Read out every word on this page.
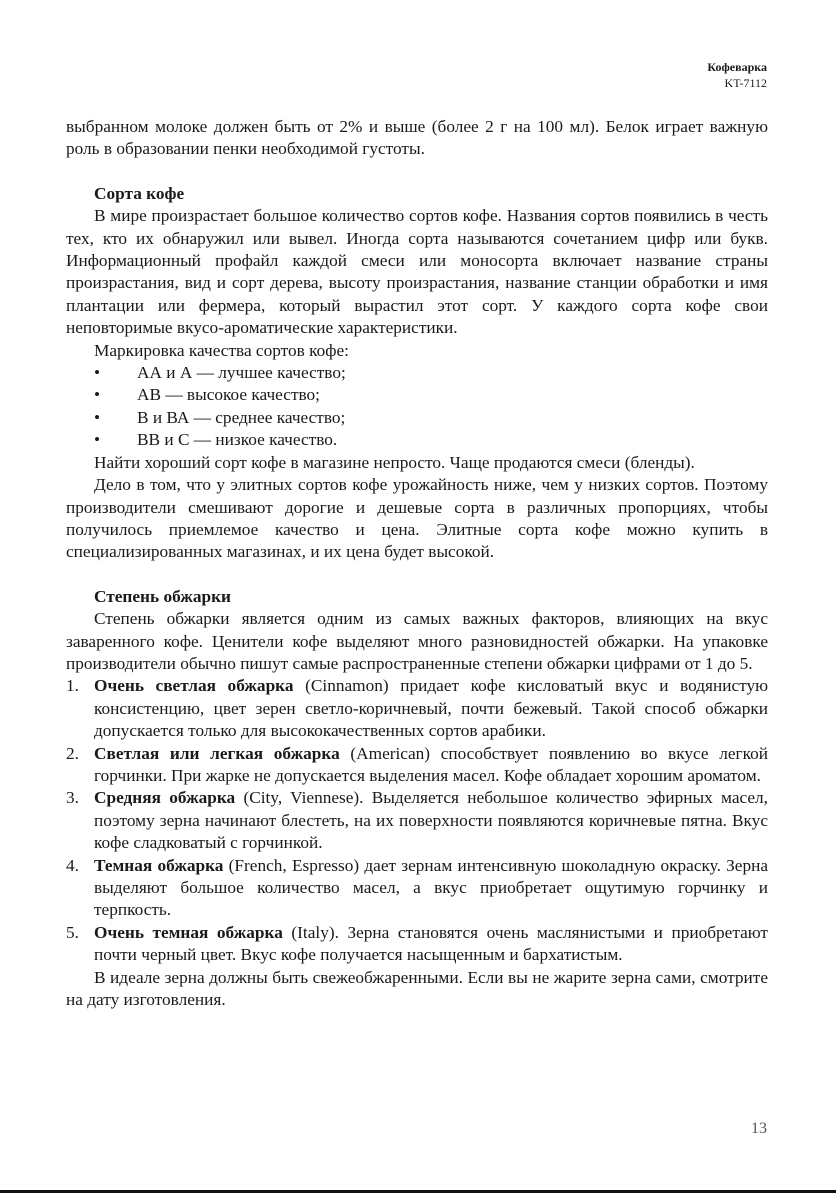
Кофеварка
KT-7112

выбранном молоке должен быть от 2% и выше (более 2 г на 100 мл). Белок играет важную роль в образовании пенки необходимой густоты.

Сорта кофе

В мире произрастает большое количество сортов кофе. Названия сортов появились в честь тех, кто их обнаружил или вывел. Иногда сорта называются сочетанием цифр или букв. Информационный профайл каждой смеси или моносорта включает название страны произрастания, вид и сорт дерева, высоту произрастания, название станции обработки и имя плантации или фермера, который вырастил этот сорт. У каждого сорта кофе свои неповторимые вкусо-ароматические характеристики.

Маркировка качества сортов кофе:

• АА и А — лучшее качество;
• АВ — высокое качество;
• В и ВА — среднее качество;
• ВВ и С — низкое качество.

Найти хороший сорт кофе в магазине непросто. Чаще продаются смеси (бленды).

Дело в том, что у элитных сортов кофе урожайность ниже, чем у низких сортов. Поэтому производители смешивают дорогие и дешевые сорта в различных пропорциях, чтобы получилось приемлемое качество и цена. Элитные сорта кофе можно купить в специализированных магазинах, и их цена будет высокой.

Степень обжарки

Степень обжарки является одним из самых важных факторов, влияющих на вкус заваренного кофе. Ценители кофе выделяют много разновидностей обжарки. На упаковке производители обычно пишут самые распространенные степени обжарки цифрами от 1 до 5.

1. Очень светлая обжарка (Cinnamon) придает кофе кисловатый вкус и водянистую консистенцию, цвет зерен светло-коричневый, почти бежевый. Такой способ обжарки допускается только для высококачественных сортов арабики.
2. Светлая или легкая обжарка (American) способствует появлению во вкусе легкой горчинки. При жарке не допускается выделения масел. Кофе обладает хорошим ароматом.
3. Средняя обжарка (City, Viennese). Выделяется небольшое количество эфирных масел, поэтому зерна начинают блестеть, на их поверхности появляются коричневые пятна. Вкус кофе сладковатый с горчинкой.
4. Темная обжарка (French, Espresso) дает зернам интенсивную шоколадную окраску. Зерна выделяют большое количество масел, а вкус приобретает ощутимую горчинку и терпкость.
5. Очень темная обжарка (Italy). Зерна становятся очень маслянистыми и приобретают почти черный цвет. Вкус кофе получается насыщенным и бархатистым.

В идеале зерна должны быть свежеобжаренными. Если вы не жарите зерна сами, смотрите на дату изготовления.

13
